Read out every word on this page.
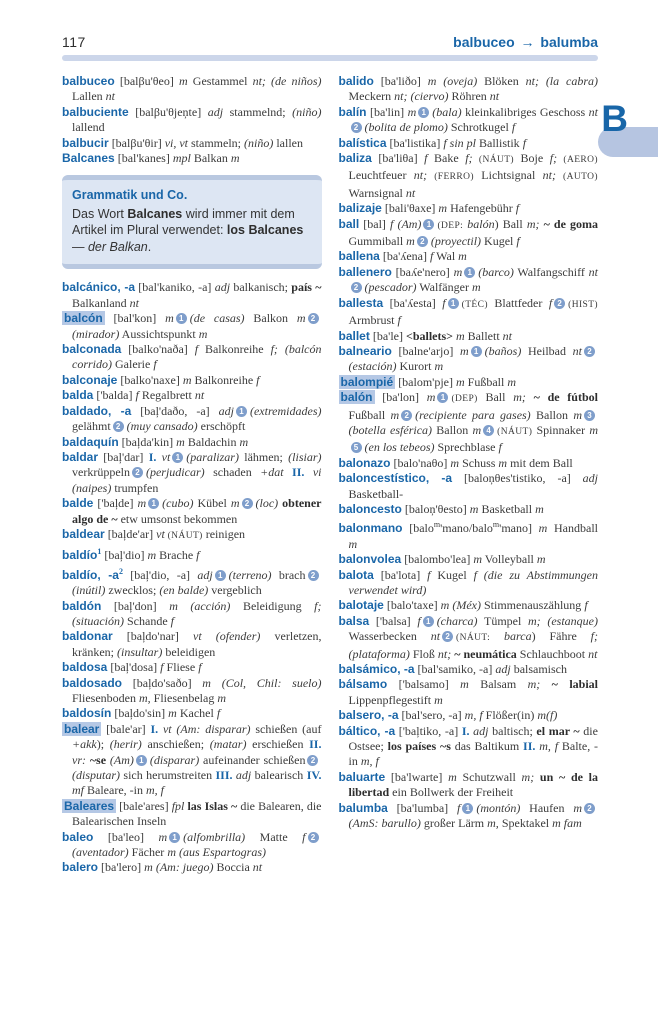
117	balbuceo → balumba
balbuceo [balβu'θeo] m Gestammel nt; (de niños) Lallen nt
balbuciente [balβu'θjeņte] adj stammelnd; (niño) lallend
balbucir [balβu'θir] vi, vt stammeln; (niño) lallen
Balcanes [bal'kanes] mpl Balkan m
Grammatik und Co.
Das Wort Balcanes wird immer mit dem Artikel im Plural verwendet: los Balcanes — der Balkan.
balcánico, -a [bal'kaniko, -a] adj balkanisch; país ~ Balkanland nt
balcón [bal'kon] m 1 (de casas) Balkon m 2(mirador) Aussichtspunkt m
balconada [balko'naða] f Balkonreihe f; (balcón corrido) Galerie f
balconaje [balko'naxe] m Balkonreihe f
balda ['balda] f Regalbrett nt
baldado, -a [baļ'daðo, -a] adj 1 (extremidades) gelähmt 2 (muy cansado) erschöpft
baldaquín [baļda'kin] m Baldachin m
baldar [baļ'dar] I. vt 1 (paralizar) lähmen; (lisiar) verkrüppeln 2 (perjudicar) schaden +dat II. vi (naipes) trumpfen
balde ['baļde] m 1 (cubo) Kübel m 2 (loc) obtener algo de ~ etw umsonst bekommen
baldear [baļde'ar] vt (NÁUT) reinigen
baldío$^1$ [baļ'dio] m Brache f
baldío, $-a^2$ [baļ'dio, -a] adj 1 (terreno) brach 2(inútil) zwecklos; (en balde) vergeblich
baldón [baļ'don] m (acción) Beleidigung f; (situación) Schande f
baldonar [baļdo'nar] vt (ofender) verletzen, kränken; (insultar) beleidigen
baldosa [baļ'dosa] f Fliese f
baldosado [baļdo'saðo] m (Col, Chil: suelo) Fliesenboden m, Fliesenbelag m
baldosín [baļdo'sin] m Kachel f
balear [bale'ar] I. vt (Am: disparar) schießen (auf +akk); (herir) anschießen; (matar) erschießen II. vr: ~se (Am) 1 (disparar) aufeinander schießen 2(disputar) sich herumstreiten III. adj balearisch IV. mf Baleare, -in m, f
Baleares [bale'ares] fpl las Islas ~ die Balearen, die Balearischen Inseln
baleo [ba'leo] m 1 (alfombrilla) Matte f 2(aventador) Fächer m (aus Espartogras)
balero [ba'lero] m (Am: juego) Boccia nt
balido [ba'liðo] m (oveja) Blöken nt; (la cabra) Meckern nt; (ciervo) Röhren nt
balín [ba'lin] m 1 (bala) kleinkalibriges Geschoss nt2 (bolita de plomo) Schrotkugel f
balística [ba'listika] f sin pl Ballistik f
baliza [ba'liθa] f Bake f; (NÁUT) Boje f; (AERO) Leuchtfeuer nt; (FERRO) Lichtsignal nt; (AUTO) Warnsignal nt
balizaje [bali'θaxe] m Hafengebühr f
ball [bal] f (Am) 1 (DEP: balón) Ball m; ~ de goma Gummiball m 2 (proyectil) Kugel f
ballena [ba'ʎena] f Wal m
ballenero [baʎe'nero] m 1 (barco) Walfangschiff nt2 (pescador) Walfänger m
ballesta [ba'ʎesta] f 1 (TÉC) Blattfeder f 2 (HIST) Armbrust f
ballet [ba'le] <ballets> m Ballett nt
balneario [balne'arjo] m 1 (baños) Heilbad nt 2(estación) Kurort m
balompié [balom'pje] m Fußball m
balón [ba'lon] m 1 (DEP) Ball m; ~ de fútbol Fußball m 2 (recipiente para gases) Ballon m 3(botella esférica) Ballon m 4 (NÁUT) Spinnaker m5 (en los tebeos) Sprechblase f
balonazo [balo'naθo] m Schuss m mit dem Ball
baloncestístico, -a [baloņθes'tistiko, -a] adj Basketball-
baloncesto [baloņ'θesto] m Basketball m
balonmano [balo$^m$'mano/balo$^m$'mano] m Handball m
balonvolea [balombo'lea] m Volleyball m
balota [ba'lota] f Kugel f (die zu Abstimmungen verwendet wird)
balotaje [balo'taxe] m (Méx) Stimmenauszählung f
balsa ['balsa] f 1 (charca) Tümpel m; (estanque) Wasserbecken nt 2 (NÁUT: barca) Fähre f; (plataforma) Floß nt; ~ neumática Schlauchboot nt
balsámico, -a [bal'samiko, -a] adj balsamisch
bálsamo ['balsamo] m Balsam m; ~ labial Lippenpflegestift m
balsero, -a [bal'sero, -a] m, f Flößer(in) m(f)
báltico, -a ['baļtiko, -a] I. adj baltisch; el mar ~ die Ostsee; los países ~s das Baltikum II. m, f Balte, -in m, f
baluarte [ba'lwarte] m Schutzwall m; un ~ de la libertad ein Bollwerk der Freiheit
balumba [ba'lumba] f 1 (montón) Haufen m 2(AmS: barullo) großer Lärm m, Spektakel m fam
B
